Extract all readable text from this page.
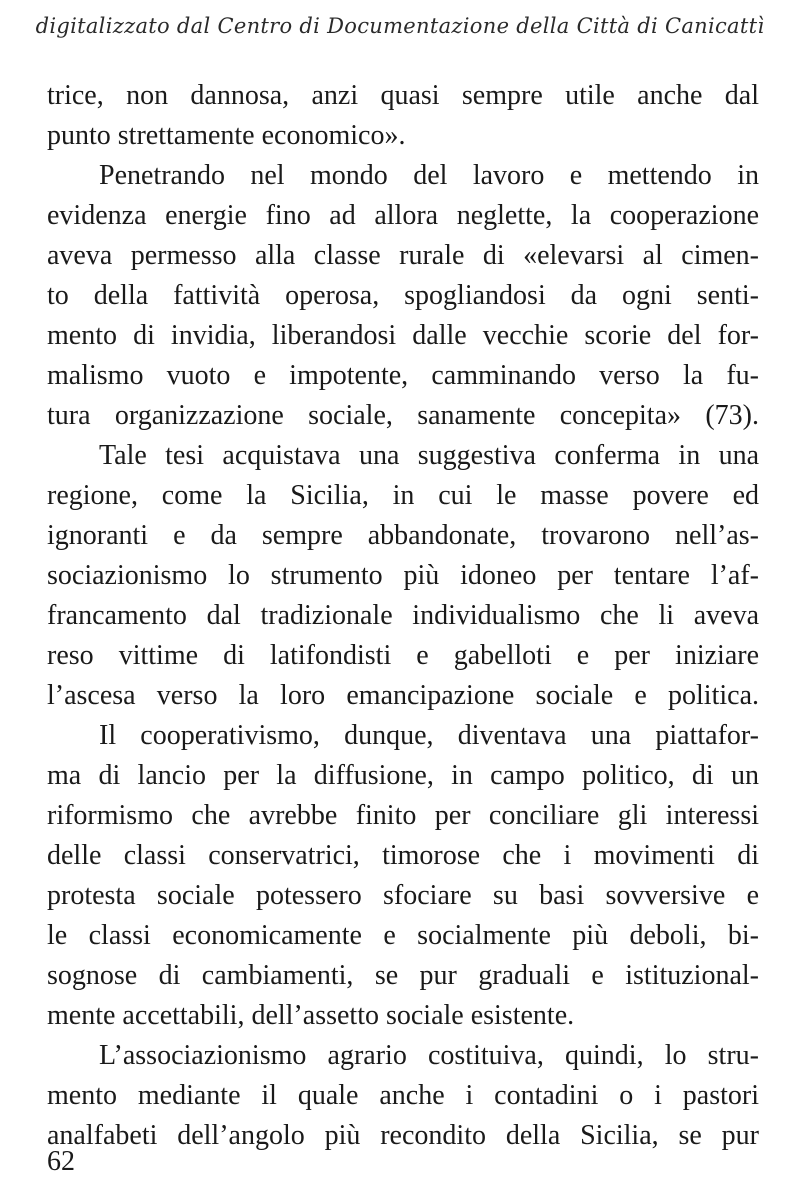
digitalizzato dal Centro di Documentazione della Città di Canicattì

trice, non dannosa, anzi quasi sempre utile anche dal
punto strettamente economico».

Penetrando nel mondo del lavoro e mettendo in
evidenza energie fino ad allora neglette, la cooperazione
aveva permesso alla classe rurale di «elevarsi al cimen-
to della fattività operosa, spogliandosi da ogni senti-
mento di invidia, liberandosi dalle vecchie scorie del for-
malismo vuoto e impotente, camminando verso la fu-
tura organizzazione sociale, sanamente concepita» (73).

Tale tesi acquistava una suggestiva conferma in una
regione, come la Sicilia, in cui le masse povere ed
ignoranti e da sempre abbandonate, trovarono nell’as-
sociazionismo lo strumento più idoneo per tentare l’af-
francamento dal tradizionale individualismo che li aveva
reso vittime di latifondisti e gabelloti e per iniziare
l’ascesa verso la loro emancipazione sociale e politica.

Il cooperativismo, dunque, diventava una piattafor-
ma di lancio per la diffusione, in campo politico, di un
riformismo che avrebbe finito per conciliare gli interessi
delle classi conservatrici, timorose che i movimenti di
protesta sociale potessero sfociare su basi sovversive e
le classi economicamente e socialmente più deboli, bi-
sognose di cambiamenti, se pur graduali e istituzional-
mente accettabili, dell’assetto sociale esistente.

L’associazionismo agrario costituiva, quindi, lo stru-
mento mediante il quale anche i contadini o i pastori
analfabeti dell’angolo più recondito della Sicilia, se pur

62
